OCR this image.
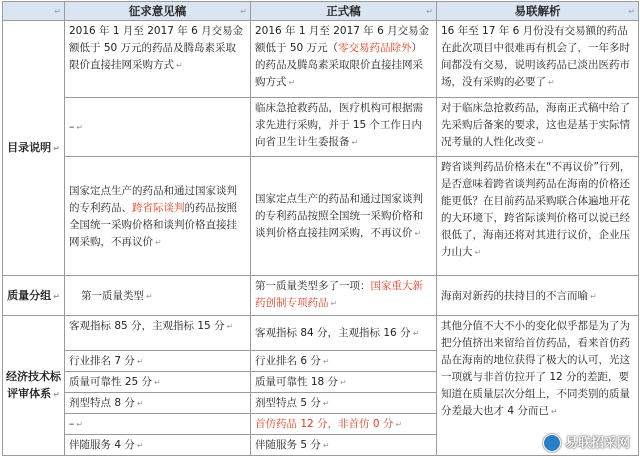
↵	征求意见稿 ↵	正式稿 ↵	易联解析 ↵

目录说明 ↵	2016 年 1 月至 2017 年 6 月交易金额低于 50 万元的药品及腾岛素采取限价直接挂网采购方式 ↵	2016 年 1 月至 2017 年 6 月交易金额低于 50 万元（零交易药品除外）的药品及腾岛素采取限价直接挂网采购方式 ↵	16 年至 17 年 6 月份没有交易额的药品在此次项目中很难再有机会了，一年多时间都没有交易，说明该药品已淡出医药市场，没有采购的必要了 ↵
	– ↵	临床急抢救药品，医疗机构可根据需求先进行采购，并于 15 个工作日内向省卫生计生委报备 ↵	对于临床急抢救药品，海南正式稿中给了先采购后备案的要求，这也是基于实际情况考量的人性化改变 ↵
	国家定点生产的药品和通过国家谈判的专利药品、跨省际谈判的药品按照全国统一采购价格和谈判价格直接挂网采购，不再议价 ↵	国家定点生产的药品和通过国家谈判的专利药品按照全国统一采购价格和谈判价格直接挂网采购，不再议价 ↵	跨省谈判药品价格未在“不再议价”行列，是否意味着跨省谈判药品在海南的价格还能更低？在目前药品采购联合体遍地开花的大环境下，跨省际谈判价格可以说已经很低了，海南还将对其进行议价，企业压力山大 ↵
质量分组 ↵	第一质量类型 ↵	第一质量类型多了一项：国家重大新药创制专项药品 ↵	海南对新药的扶持目的不言而喻 ↵
经济技术标评审体系 ↵	客观指标 85 分，主观指标 15 分 ↵	客观指标 84 分，主观指标 16 分 ↵	其他分值不大不小的变化似乎都是为了为把分值挤出来留给首仿药品，看来首仿药品在海南的地位获得了极大的认可，光这一项就与非首仿拉开了 12 分的差距，要知道在质量层次分组上，不同类别的质量分差最大也才 4 分而已 ↵
易联招采网

	行业排名 7 分 ↵	行业排名 6 分 ↵	
	质量可靠性 25 分 ↵	质量可靠性 18 分 ↵	
	剂型特点 8 分 ↵	剂型特点 5 分 ↵	
	– ↵	首仿药品 12 分，非首仿 0 分 ↵	
	伴随服务 4 分 ↵	伴随服务 5 分 ↵	
